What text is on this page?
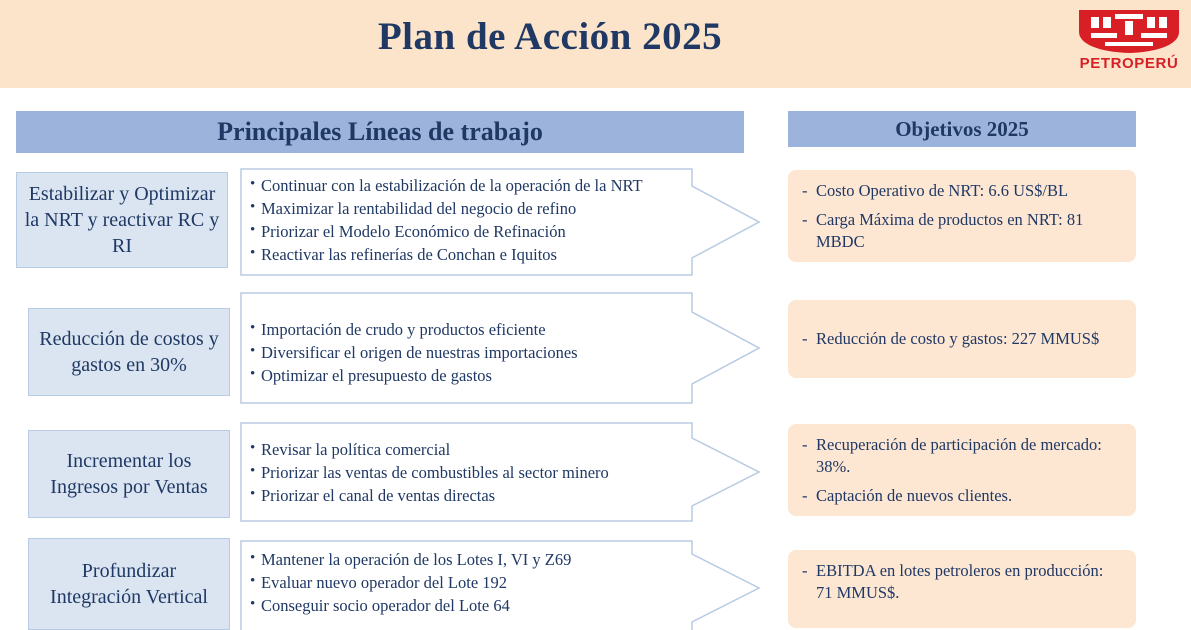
Plan de Acción 2025
PETROPERÚ
Principales Líneas de trabajo	Objetivos 2025
Estabilizar y Optimizar la NRT y reactivar RC y RI
• Continuar con la estabilización de la operación de la NRT
• Maximizar la rentabilidad del negocio de refino
• Priorizar el Modelo Económico de Refinación
• Reactivar las refinerías de Conchan e Iquitos
- Costo Operativo de NRT: 6.6 US$/BL
- Carga Máxima de productos en NRT: 81 MBDC
Reducción de costos y gastos en 30%
• Importación de crudo y productos eficiente
• Diversificar el origen de nuestras importaciones
• Optimizar el presupuesto de gastos
- Reducción de costo y gastos: 227 MMUS$
Incrementar los Ingresos por Ventas
• Revisar la política comercial
• Priorizar las ventas de combustibles al sector minero
• Priorizar el canal de ventas directas
- Recuperación de participación de mercado: 38%.
- Captación de nuevos clientes.
Profundizar Integración Vertical
• Mantener la operación de los Lotes I, VI y Z69
• Evaluar nuevo operador del Lote 192
• Conseguir socio operador del Lote 64
- EBITDA en lotes petroleros en producción: 71 MMUS$.
